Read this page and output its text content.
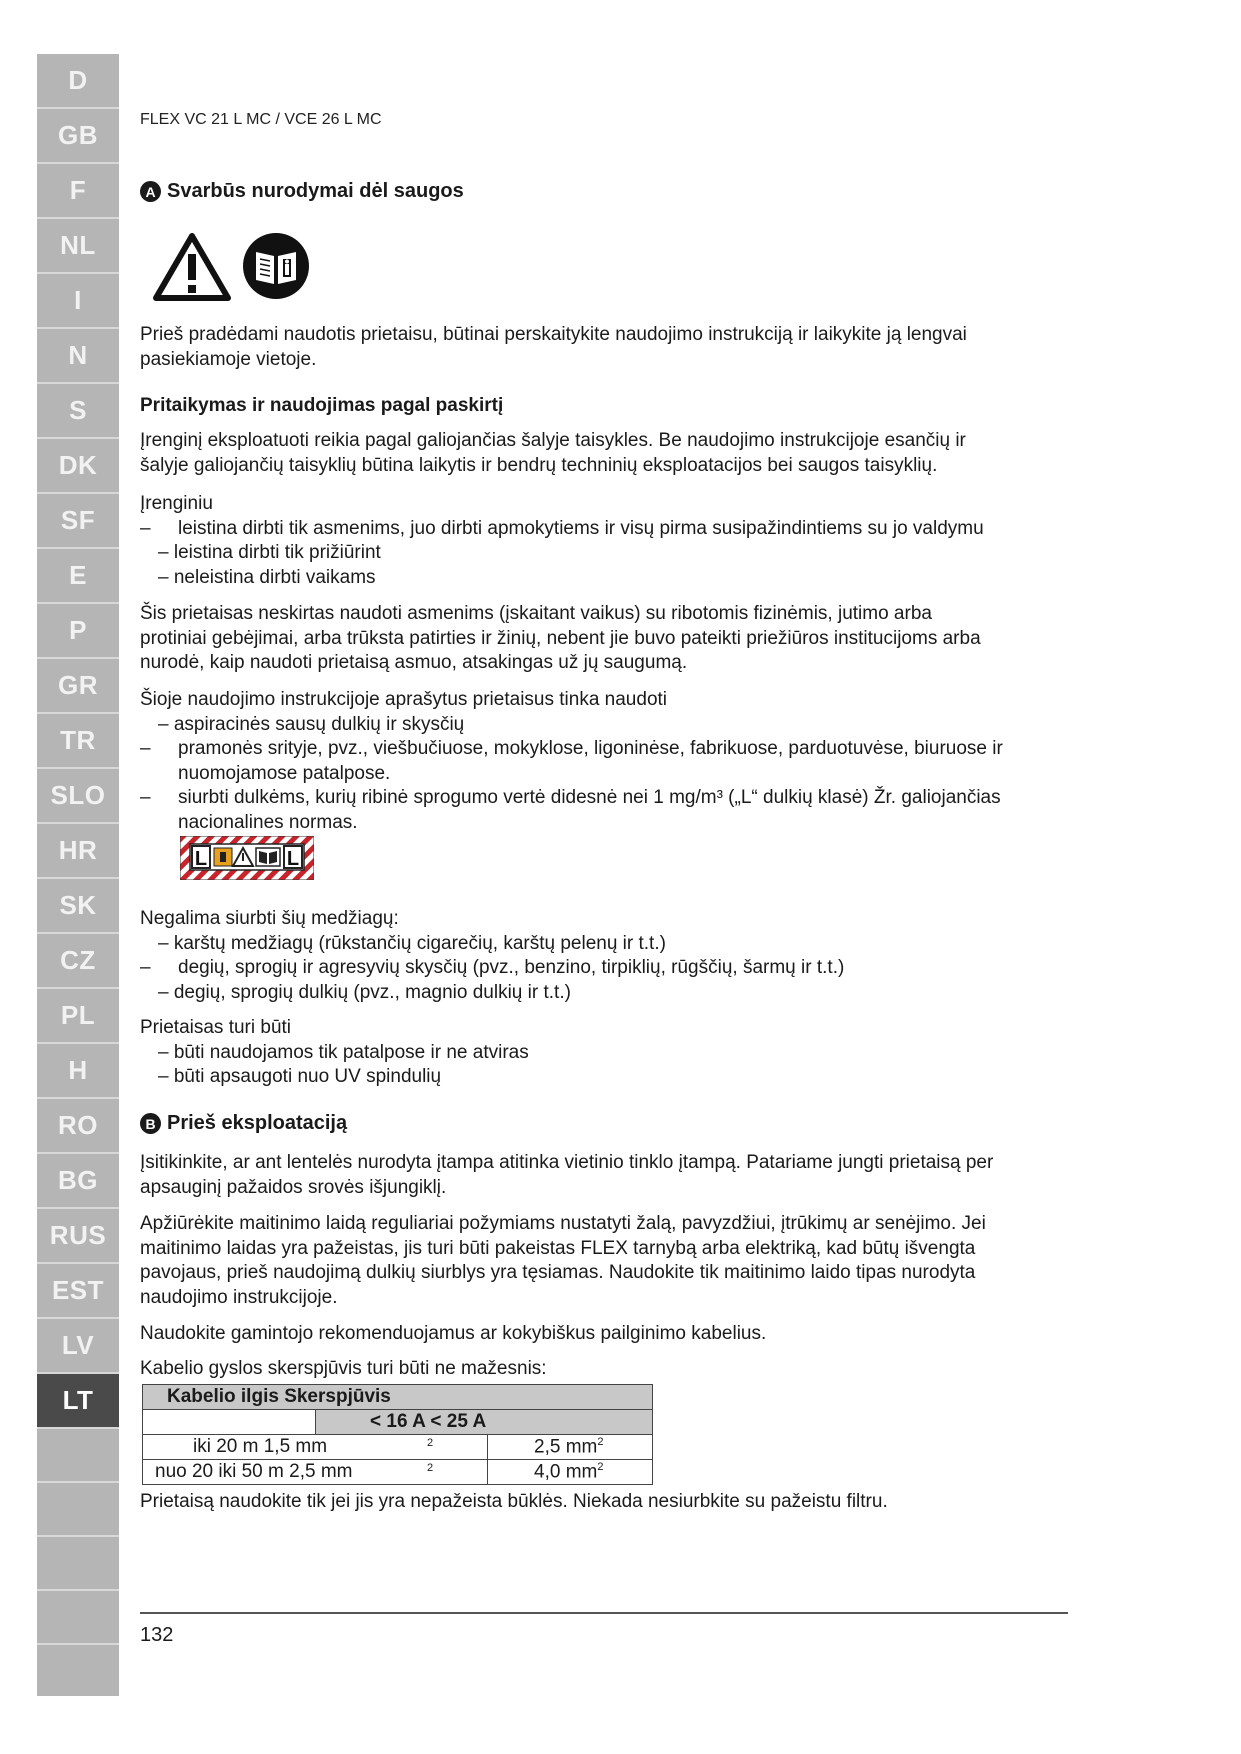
D
GB
F
NL
I
N
S
DK
SF
E
P
GR
TR
SLO
HR
SK
CZ
PL
H
RO
BG
RUS
EST
LV
LT
FLEX VC 21 L MC / VCE 26 L MC
A Svarbūs nurodymai dėl saugos
Prieš pradėdami naudotis prietaisu, būtinai perskaitykite naudojimo instrukciją ir laikykite ją lengvai
pasiekiamoje vietoje.
Pritaikymas ir naudojimas pagal paskirtį
Įrenginį eksploatuoti reikia pagal galiojančias šalyje taisykles. Be naudojimo instrukcijoje esančių ir
šalyje galiojančių taisyklių būtina laikytis ir bendrų techninių eksploatacijos bei saugos taisyklių.
Įrenginiu
–	leistina dirbti tik asmenims, juo dirbti apmokytiems ir visų pirma susipažindintiems su jo valdymu
– leistina dirbti tik prižiūrint
– neleistina dirbti vaikams
Šis prietaisas neskirtas naudoti asmenims (įskaitant vaikus) su ribotomis fizinėmis, jutimo arba
protiniai gebėjimai, arba trūksta patirties ir žinių, nebent jie buvo pateikti priežiūros institucijoms arba
nurodė, kaip naudoti prietaisą asmuo, atsakingas už jų saugumą.
Šioje naudojimo instrukcijoje aprašytus prietaisus tinka naudoti
– aspiracinės sausų dulkių ir skysčių
–	pramonės srityje, pvz., viešbučiuose, mokyklose, ligoninėse, fabrikuose, parduotuvėse, biuruose ir
nuomojamose patalpose.
–	siurbti dulkėms, kurių ribinė sprogumo vertė didesnė nei 1 mg/m³ („L“ dulkių klasė) Žr. galiojančias
nacionalines normas.
L	L
Negalima siurbti šių medžiagų:
– karštų medžiagų (rūkstančių cigarečių, karštų pelenų ir t.t.)
–	degių, sprogių ir agresyvių skysčių (pvz., benzino, tirpiklių, rūgščių, šarmų ir t.t.)
– degių, sprogių dulkių (pvz., magnio dulkių ir t.t.)
Prietaisas turi būti
– būti naudojamos tik patalpose ir ne atviras
– būti apsaugoti nuo UV spindulių
B Prieš eksploataciją
Įsitikinkite, ar ant lentelės nurodyta įtampa atitinka vietinio tinklo įtampą. Patariame jungti prietaisą per
apsauginį pažaidos srovės išjungiklį.
Apžiūrėkite maitinimo laidą reguliariai požymiams nustatyti žalą, pavyzdžiui, įtrūkimų ar senėjimo. Jei
maitinimo laidas yra pažeistas, jis turi būti pakeistas FLEX tarnybą arba elektriką, kad būtų išvengta
pavojaus, prieš naudojimą dulkių siurblys yra tęsiamas. Naudokite tik maitinimo laido tipas nurodyta
naudojimo instrukcijoje.
Naudokite gamintojo rekomenduojamus ar kokybiškus pailginimo kabelius.
Kabelio gyslos skerspjūvis turi būti ne mažesnis:
Kabelio ilgis Skerspjūvis		
	< 16 A < 25 A	
iki 20 m 1,5 mm 2		2,5 $mm^2$
nuo 20 iki 50 m 2,5 mm 2		4,0 $mm^2$
Prietaisą naudokite tik jei jis yra nepažeista būklės. Niekada nesiurbkite su pažeistu filtru.
132
